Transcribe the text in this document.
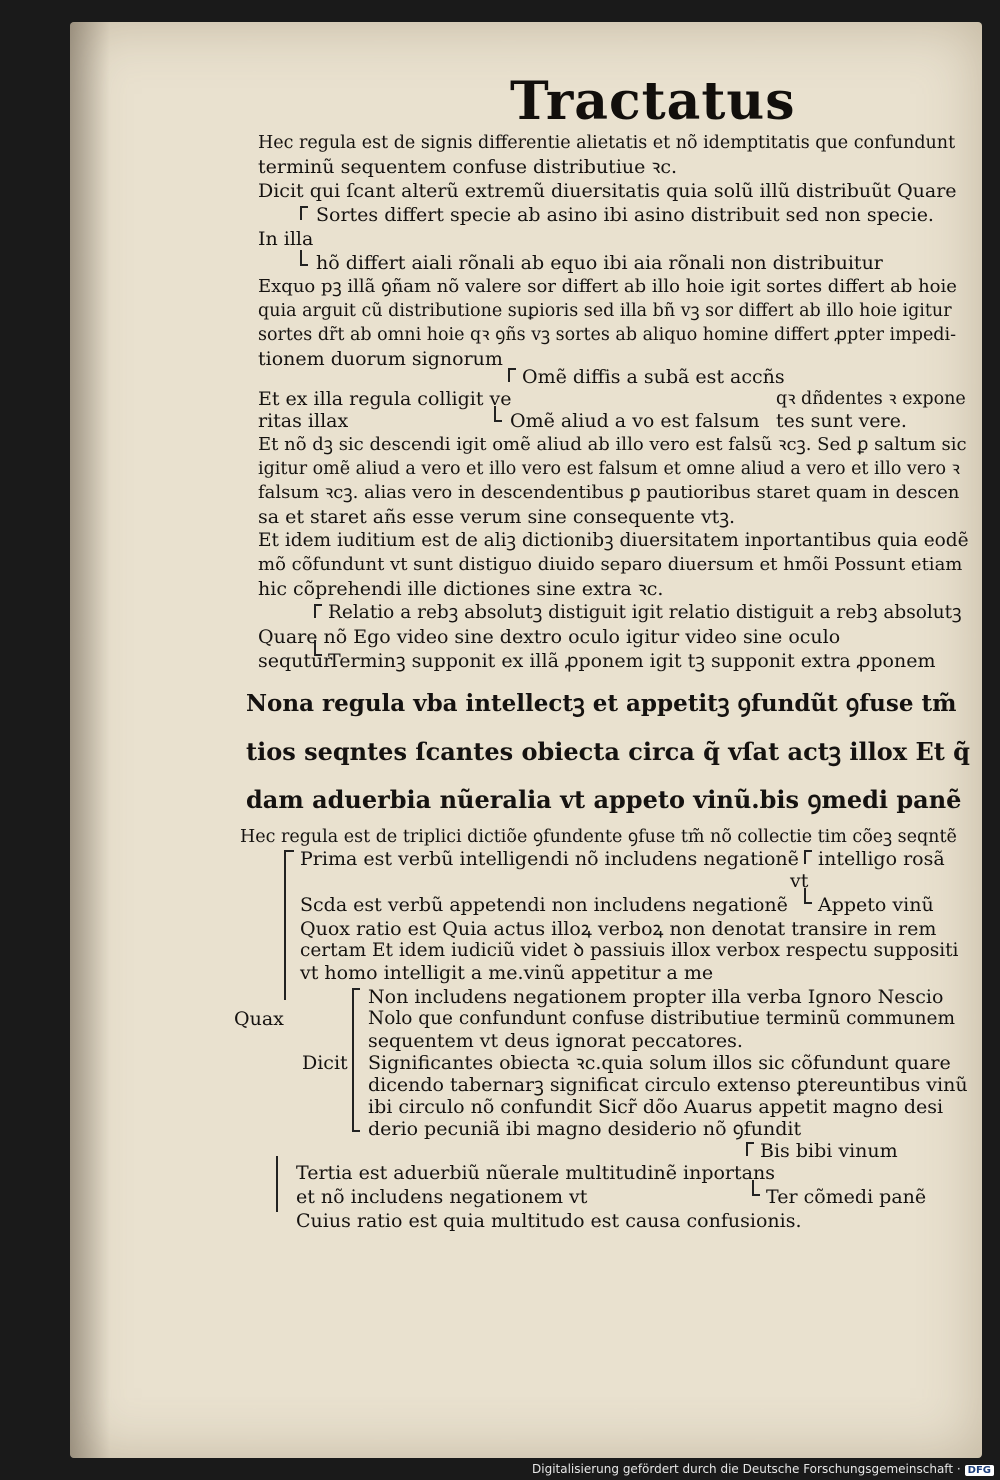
Tractatus
Hec regula est de signis differentie alietatis et nõ idemptitatis que confundunt
terminũ sequentem confuse distributiue ꝛc.
Dicit qui ſcant alterũ extremũ diuersitatis quia solũ illũ distribuũt Quare
Sortes differt specie ab asino ibi asino distribuit sed non specie.
In illa
hõ differt aiali rõnali ab equo ibi aia rõnali non distribuitur
Exquo pꝫ illã ꝯñam nõ valere sor differt ab illo hoie igit sortes differt ab hoie
quia arguit cũ distributione suꝑioris sed illa bñ vꝫ sor differt ab illo hoie igitur
sortes dr̃t ab omni hoie qꝛ ꝯñs vꝫ sortes ab aliquo homine differt ꝓpter impedi-
tionem duorum signorum
Omẽ diffis a subã est accñs
Et ex illa regula colligit ve	qꝛ dñdentes ꝛ expone
ritas illax	Omẽ aliud a vo est falsum tes sunt vere.
Et nõ dꝫ sic descendi igit omẽ aliud ab illo vero est falsũ ꝛcꝫ. Sed ꝑ saltum sic
igitur omẽ aliud a vero et illo vero est falsum et omne aliud a vero et illo vero ꝛ
falsum ꝛcꝫ. alias vero in descendentibus ꝑ pautioribus staret quam in descen
sa et staret añs esse verum sine consequente vtꝫ.
Et idem iuditium est de aliꝫ dictionibꝫ diuersitatem inportantibus quia eodẽ
mõ cõfundunt vt sunt distiguo diuido separo diuersum et hmõi Possunt etiam
hic cõprehendi ille dictiones sine extra ꝛc.
Relatio a rebꝫ absolutꝫ distiguit igit relatio distiguit a rebꝫ absolutꝫ
Quare nõ Ego video sine dextro oculo igitur video sine oculo
sequtur
Terminꝫ supponit ex illã ꝓponem igit tꝫ supponit extra ꝓponem
Nona regula vba intellectꝫ et appetitꝫ ꝯfundũt ꝯfuse tm̃
tios seqntes ſcantes obiecta circa q̃ vſat actꝫ illox Et q̃
dam aduerbia nũeralia vt appeto vinũ.bis ꝯmedi panẽ
Hec regula est de triplici dictiõe ꝯfundente ꝯfuse tm̃ nõ collectie tim cõeꝫ seqntẽ
Prima est verbũ intelligendi nõ includens negationẽ intelligo rosã
vt
Scda est verbũ appetendi non includens negationẽ Appeto vinũ
Quox ratio est Quia actus illoꝝ verboꝝ non denotat transire in rem
certam Et idem iudiciũ videt ꝺ passiuis illox verbox respectu suppositi
vt homo intelligit a me.vinũ appetitur a me
Non includens negationem propter illa verba Ignoro Nescio
Nolo que confundunt confuse distributiue terminũ communem
Quax
sequentem vt deus ignorat peccatores.
Dicit Significantes obiecta ꝛc.quia solum illos sic cõfundunt quare
dicendo tabernarꝫ significat circulo extenso ꝑtereuntibus vinũ
ibi circulo nõ confundit Sicr̃ dõo Auarus appetit magno desi
derio pecuniã ibi magno desiderio nõ ꝯfundit
Bis bibi vinum
Tertia est aduerbiũ nũerale multitudinẽ inportans
et nõ includens negationem vt	Ter cõmedi panẽ
Cuius ratio est quia multitudo est causa confusionis.
Digitalisierung gefördert durch die Deutsche Forschungsgemeinschaft · DFG
